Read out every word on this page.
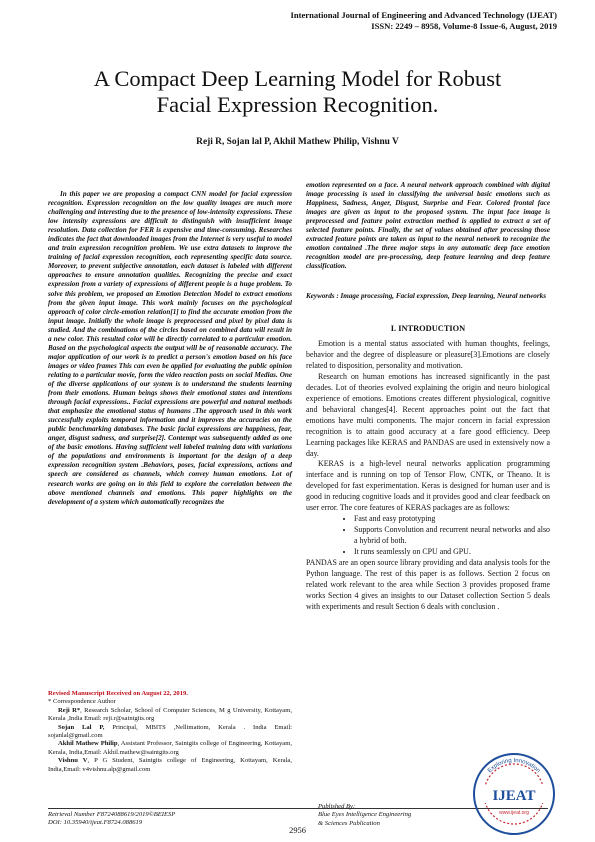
International Journal of Engineering and Advanced Technology (IJEAT)
ISSN: 2249 – 8958, Volume-8 Issue-6, August, 2019
A Compact Deep Learning Model for Robust
Facial Expression Recognition.
Reji R, Sojan lal P, Akhil Mathew Philip, Vishnu V
In this paper we are proposing a compact CNN model for facial expression recognition. Expression recognition on the low quality images are much more challenging and interesting due to the presence of low-intensity expressions. These low intensity expressions are difficult to distinguish with insufficient image resolution. Data collection for FER is expensive and time-consuming. Researches indicates the fact that downloaded images from the Internet is very useful to model and train expression recognition problem. We use extra datasets to improve the training of facial expression recognition, each representing specific data source. Moreover, to prevent subjective annotation, each dataset is labeled with different approaches to ensure annotation qualities. Recognizing the precise and exact expression from a variety of expressions of different people is a huge problem. To solve this problem, we proposed an Emotion Detection Model to extract emotions from the given input image. This work mainly focuses on the psychological approach of color circle-emotion relation[1] to find the accurate emotion from the input image. Initially the whole image is preprocessed and pixel by pixel data is studied. And the combinations of the circles based on combined data will result in a new color. This resulted color will be directly correlated to a particular emotion. Based on the psychological aspects the output will be of reasonable accuracy. The major application of our work is to predict a person's emotion based on his face images or video frames This can even be applied for evaluating the public opinion relating to a particular movie, form the video reaction posts on social Medias. One of the diverse applications of our system is to understand the students learning from their emotions. Human beings shows their emotional states and intentions through facial expressions.. Facial expressions are powerful and natural methods that emphasize the emotional status of humans .The approach used in this work successfully exploits temporal information and it improves the accuracies on the public benchmarking databases. The basic facial expressions are happiness, fear, anger, disgust sadness, and surprise[2]. Contempt was subsequently added as one of the basic emotions. Having sufficient well labeled training data with variations of the populations and environments is important for the design of a deep expression recognition system .Behaviors, poses, facial expressions, actions and speech are considered as channels, which convey human emotions. Lot of research works are going on in this field to explore the correlation between the above mentioned channels and emotions. This paper highlights on the development of a system which automatically recognizes the
emotion represented on a face. A neural network approach combined with digital image processing is used in classifying the universal basic emotions such as Happiness, Sadness, Anger, Disgust, Surprise and Fear. Colored frontal face images are given as input to the proposed system. The input face image is preprocessed and feature point extraction method is applied to extract a set of selected feature points. Finally, the set of values obtained after processing those extracted feature points are taken as input to the neural network to recognize the emotion contained .The three major steps in any automatic deep face emotion recognition model are pre-processing, deep feature learning and deep feature classification.
Keywords : Image processing, Facial expression, Deep learning, Neural networks
I. INTRODUCTION

Emotion is a mental status associated with human thoughts, feelings, behavior and the degree of displeasure or pleasure[3].Emotions are closely related to disposition, personality and motivation.

Research on human emotions has increased significantly in the past decades. Lot of theories evolved explaining the origin and neuro biological experience of emotions. Emotions creates different physiological, cognitive and behavioral changes[4]. Recent approaches point out the fact that emotions have multi components. The major concern in facial expression recognition is to attain good accuracy at a fare good efficiency. Deep Learning packages like KERAS and PANDAS are used in extensively now a day.

KERAS is a high-level neural networks application programming interface and is running on top of Tensor Flow, CNTK, or Theano. It is developed for fast experimentation. Keras is designed for human user and is good in reducing cognitive loads and it provides good and clear feedback on user error. The core features of KERAS packages are as follows:

• Fast and easy prototyping
• Supports Convolution and recurrent neural networks and also a hybrid of both.
• It runs seamlessly on CPU and GPU.

PANDAS are an open source library providing and data analysis tools for the Python language. The rest of this paper is as follows. Section 2 focus on related work relevant to the area while Section 3 provides proposed frame works Section 4 gives an insights to our Dataset collection Section 5 deals with experiments and result Section 6 deals with conclusion .

Revised Manuscript Received on August 22, 2019.

* Correspondence Author

Reji R*, Research Scholar, School of Computer Sciences, M g University, Kottayam, Kerala ,India Email: reji.r@saintgits.org

Sojan Lal P, Principal, MBITS ,Nellimattom, Kerala . India Email: sojanlal@gmail.com

Akhil Mathew Philip, Assistant Professor, Saintgits college of Engineering, Kottayam, Kerala, India,Email: Akhil.mathew@saintgits.org

Vishnu V, P G Student, Saintgits college of Engineering, Kottayam, Kerala, India,Email: v4vishnu.alp@gmail.com

Retrieval Number F8724088619/2019©BEIESP
DOI: 10.35940/ijeat.F8724.088619
Published By:
Blue Eyes Intelligence Engineering
& Sciences Publication
2956
Exploring Innovation
IJEAT
www.ijeat.org
